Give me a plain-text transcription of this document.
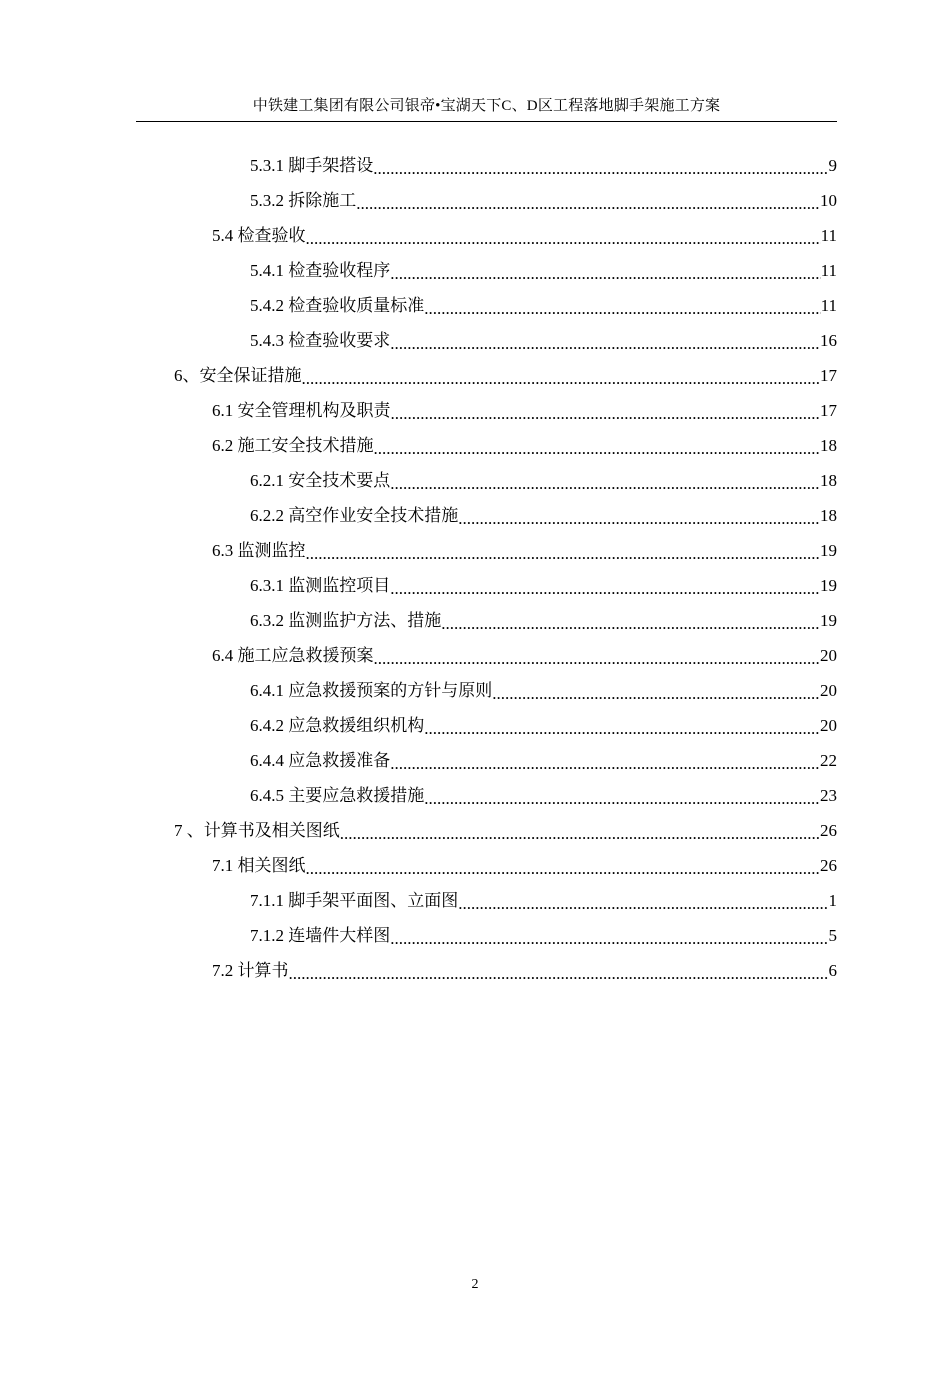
中铁建工集团有限公司银帝•宝湖天下C、D区工程落地脚手架施工方案
5.3.1 脚手架搭设 .....	9
5.3.2 拆除施工 .....	10
5.4 检查验收 .....	11
5.4.1 检查验收程序 .....	11
5.4.2 检查验收质量标准 .....	11
5.4.3 检查验收要求 .....	16
6、安全保证措施 .....	17
6.1 安全管理机构及职责 .....	17
6.2 施工安全技术措施 .....	18
6.2.1 安全技术要点 .....	18
6.2.2 高空作业安全技术措施 .....	18
6.3 监测监控 .....	19
6.3.1 监测监控项目 .....	19
6.3.2 监测监护方法、措施 .....	19
6.4 施工应急救援预案 .....	20
6.4.1 应急救援预案的方针与原则 .....	20
6.4.2 应急救援组织机构 .....	20
6.4.4 应急救援准备 .....	22
6.4.5 主要应急救援措施 .....	23
7 、计算书及相关图纸 .....	26
7.1 相关图纸 .....	26
7.1.1 脚手架平面图、立面图 .....	1
7.1.2 连墙件大样图 .....	5
7.2 计算书 .....	6
2
